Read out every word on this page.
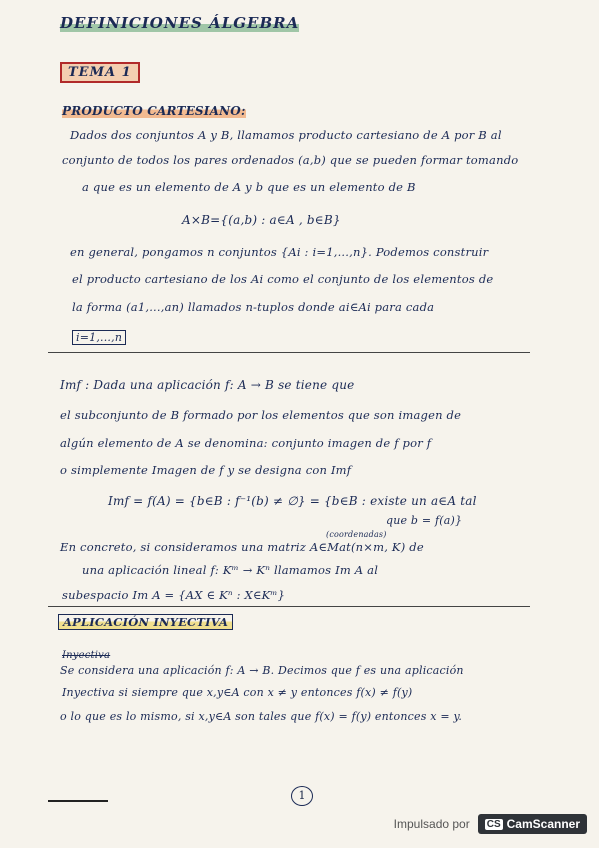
DEFINICIONES ÁLGEBRA
TEMA 1
PRODUCTO CARTESIANO:
Dados dos conjuntos A y B, llamamos producto cartesiano de A por B al
conjunto de todos los pares ordenados (a,b) que se pueden formar tomando
a que es un elemento de A y b que es un elemento de B
A×B={(a,b) : a∈A , b∈B}
en general, pongamos n conjuntos {Ai : i=1,...,n}. Podemos construir
el producto cartesiano de los Ai como el conjunto de los elementos de
la forma (a1,...,an) llamados n-tuplos donde ai∈Ai para cada
i=1,...,n
Imf : Dada una aplicación f: A → B se tiene que
el subconjunto de B formado por los elementos que son imagen de
algún elemento de A se denomina: conjunto imagen de f por f
o simplemente Imagen de f y se designa con Imf
Imf = f(A) = {b∈B : f⁻¹(b) ≠ ∅} = {b∈B : existe un a∈A tal
que b = f(a)}
(coordenadas)
En concreto, si consideramos una matriz A∈Mat(n×m, K) de
una aplicación lineal f: Kᵐ → Kⁿ llamamos Im A al
subespacio Im A = {AX ∈ Kⁿ : X∈Kᵐ}
APLICACIÓN INYECTIVA
Inyectiva
Se considera una aplicación f: A → B. Decimos que f es una aplicación
Inyectiva si siempre que x,y∈A con x ≠ y entonces f(x) ≠ f(y)
o lo que es lo mismo, si x,y∈A son tales que f(x) = f(y) entonces x = y.
1
Impulsado por CS CamScanner
